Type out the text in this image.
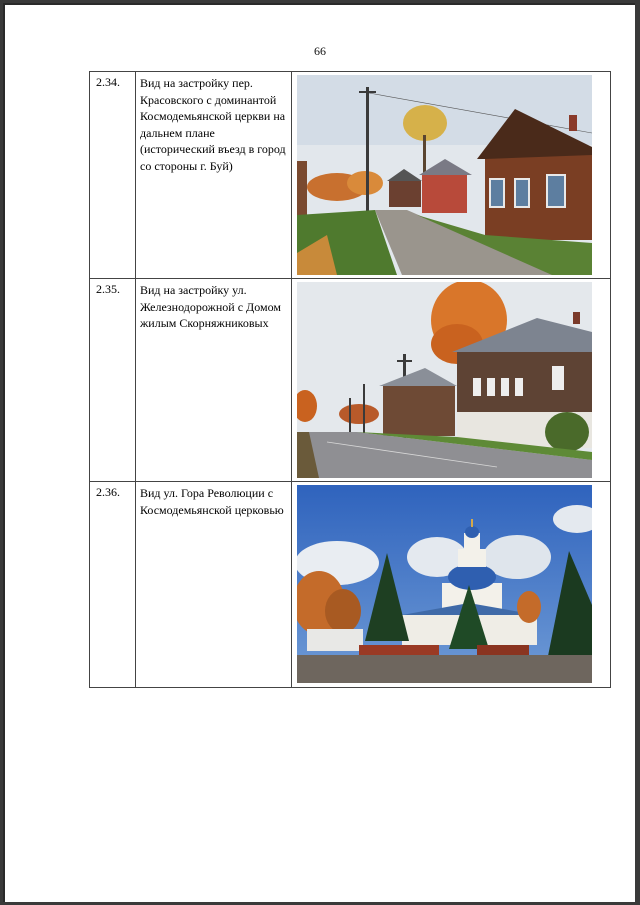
66
2.34.	Вид на застройку пер. Красовского с доминантой Космодемьянской церкви на дальнем плане (исторический въезд в город со стороны г. Буй)	

2.35.	Вид на застройку ул. Железнодорожной с Домом жилым Скорняжниковых	

2.36.	Вид ул. Гора Революции с Космодемьянской церковью	
